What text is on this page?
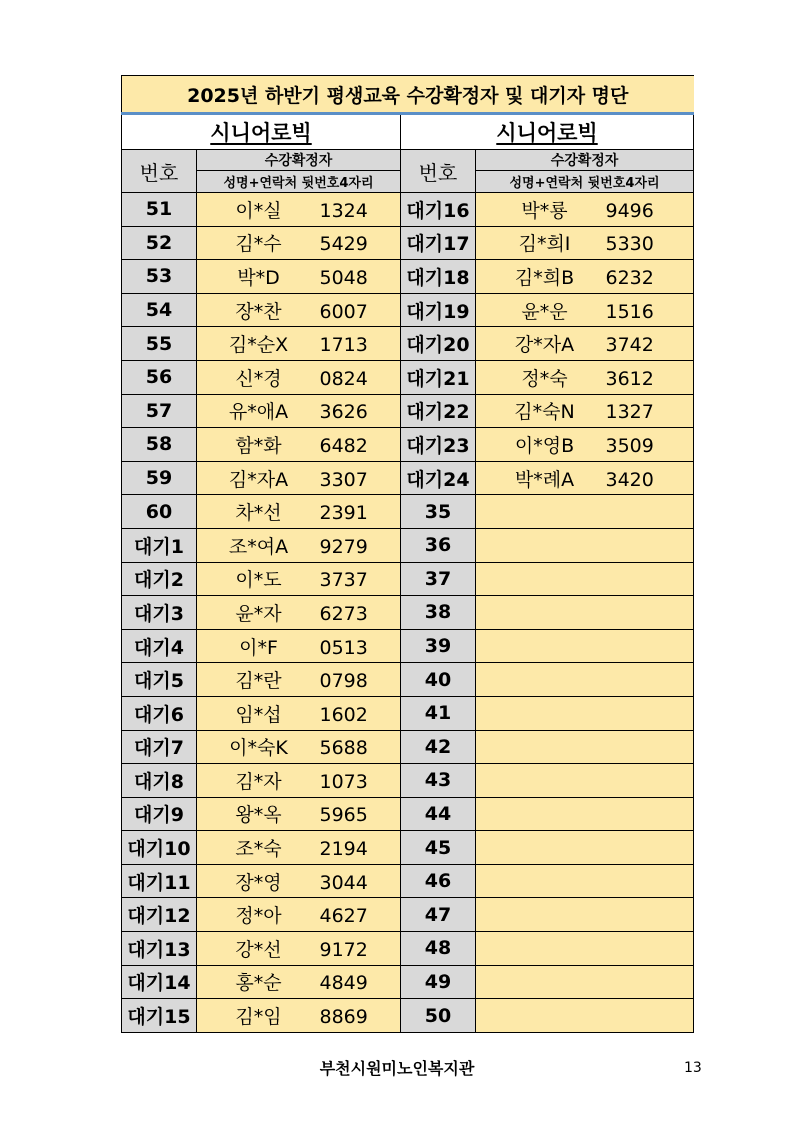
2025년 하반기 평생교육 수강확정자 및 대기자 명단			
시니어로빅		시니어로빅	
번호	수강확정자	번호	수강확정자
	성명+연락처 뒷번호4자리		성명+연락처 뒷번호4자리
51	이*실 1324	대기16	박*룡 9496
52	김*수 5429	대기17	김*희I 5330
53	박*D 5048	대기18	김*희B 6232
54	장*찬 6007	대기19	윤*운 1516
55	김*순X 1713	대기20	강*자A 3742
56	신*경 0824	대기21	정*숙 3612
57	유*애A 3626	대기22	김*숙N 1327
58	함*화 6482	대기23	이*영B 3509
59	김*자A 3307	대기24	박*례A 3420
60	차*선 2391	35	
대기1	조*여A 9279	36	
대기2	이*도 3737	37	
대기3	윤*자 6273	38	
대기4	이*F 0513	39	
대기5	김*란 0798	40	
대기6	임*섭 1602	41	
대기7	이*숙K 5688	42	
대기8	김*자 1073	43	
대기9	왕*옥 5965	44	
대기10	조*숙 2194	45	
대기11	장*영 3044	46	
대기12	정*아 4627	47	
대기13	강*선 9172	48	
대기14	홍*순 4849	49	
대기15	김*임 8869	50	
부천시원미노인복지관	13
